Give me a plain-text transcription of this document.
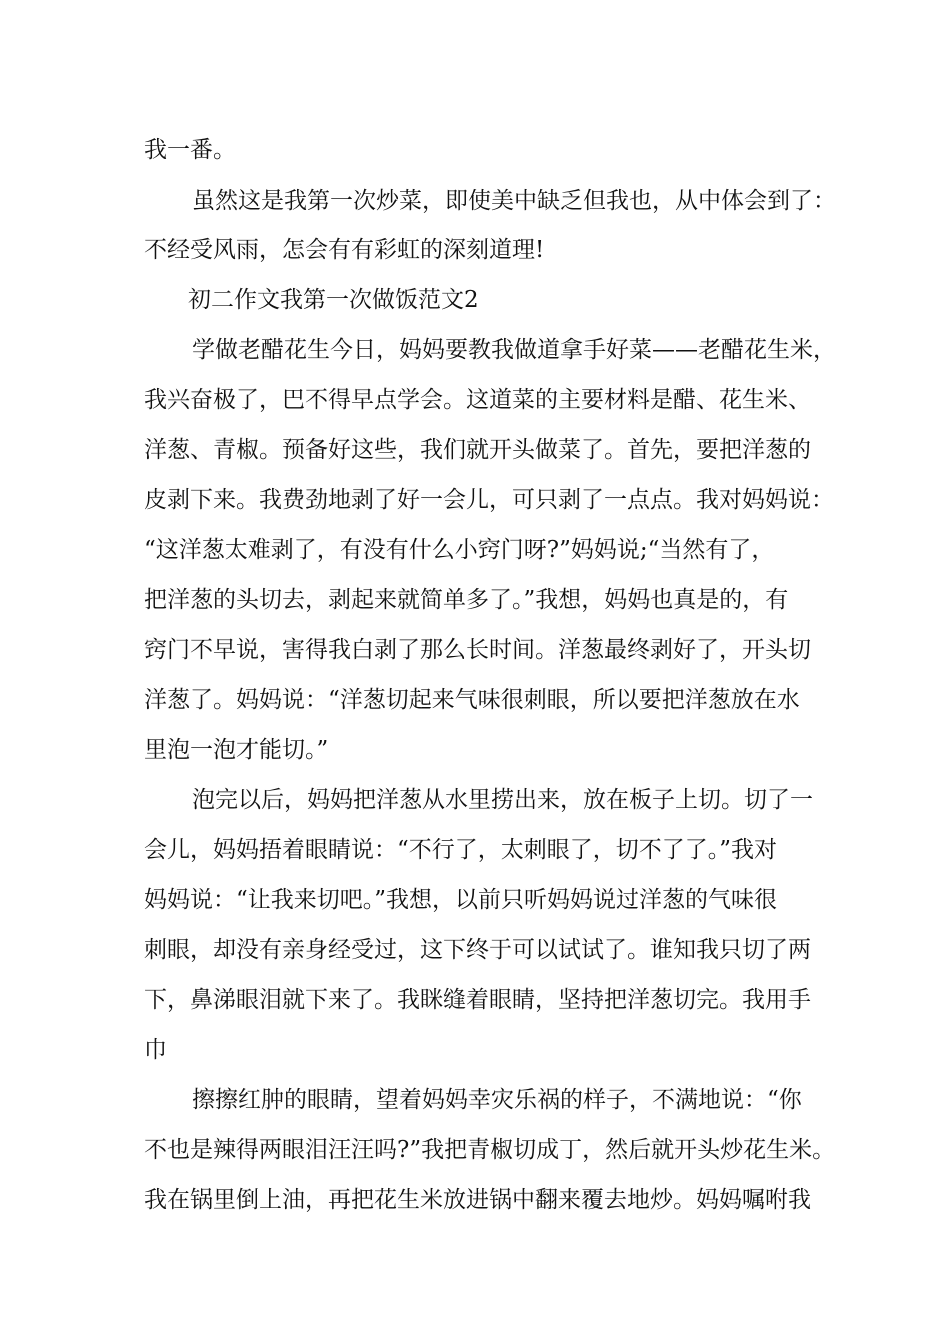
我一番。
虽然这是我第一次炒菜，即使美中缺乏但我也，从中体会到了：
不经受风雨，怎会有有彩虹的深刻道理!
初二作文我第一次做饭范文2
学做老醋花生今日，妈妈要教我做道拿手好菜——老醋花生米，
我兴奋极了，巴不得早点学会。这道菜的主要材料是醋、花生米、
洋葱、青椒。预备好这些，我们就开头做菜了。首先，要把洋葱的
皮剥下来。我费劲地剥了好一会儿，可只剥了一点点。我对妈妈说：
“这洋葱太难剥了，有没有什么小窍门呀?”妈妈说;“当然有了，
把洋葱的头切去，剥起来就简单多了。”我想，妈妈也真是的，有
窍门不早说，害得我白剥了那么长时间。洋葱最终剥好了，开头切
洋葱了。妈妈说：“洋葱切起来气味很刺眼，所以要把洋葱放在水
里泡一泡才能切。”
泡完以后，妈妈把洋葱从水里捞出来，放在板子上切。切了一
会儿，妈妈捂着眼睛说：“不行了，太刺眼了，切不了了。”我对
妈妈说：“让我来切吧。”我想，以前只听妈妈说过洋葱的气味很
刺眼，却没有亲身经受过，这下终于可以试试了。谁知我只切了两
下，鼻涕眼泪就下来了。我眯缝着眼睛，坚持把洋葱切完。我用手
巾
擦擦红肿的眼睛，望着妈妈幸灾乐祸的样子，不满地说：“你
不也是辣得两眼泪汪汪吗?”我把青椒切成丁，然后就开头炒花生米。
我在锅里倒上油，再把花生米放进锅中翻来覆去地炒。妈妈嘱咐我
